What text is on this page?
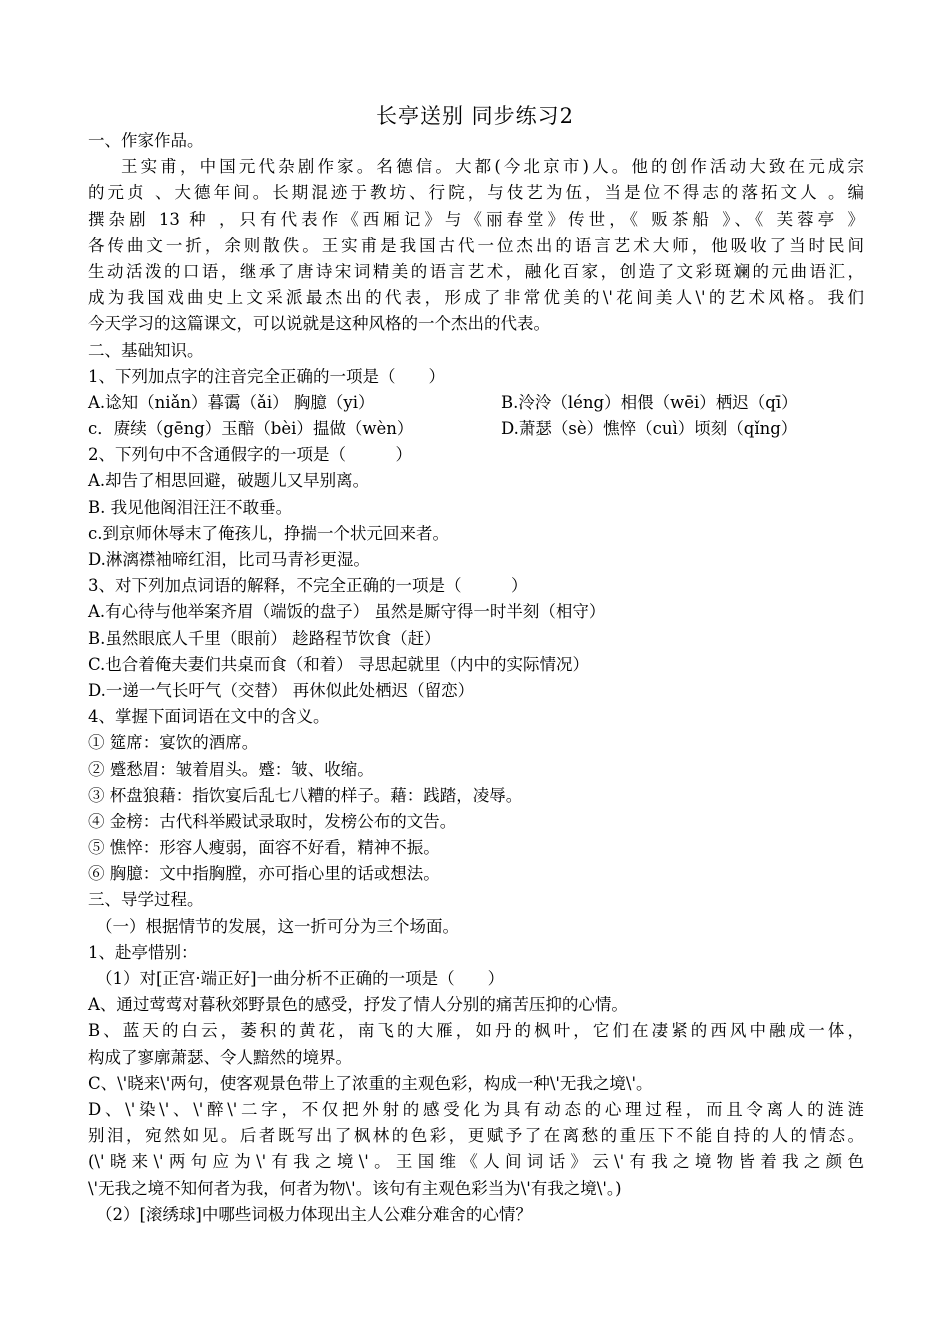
长亭送别 同步练习2
一、作家作品。
王实甫，中国元代杂剧作家。名德信。大都(今北京市)人。他的创作活动大致在元成宗
的元贞 、大德年间。长期混迹于教坊、行院，与伎艺为伍，当是位不得志的落拓文人 。编
撰杂剧 13 种 ，只有代表作《西厢记》与《丽春堂》传世，《 贩茶船 》、《 芙蓉亭 》
各传曲文一折，余则散佚。王实甫是我国古代一位杰出的语言艺术大师，他吸收了当时民间
生动活泼的口语，继承了唐诗宋词精美的语言艺术，融化百家，创造了文彩斑斓的元曲语汇，
成为我国戏曲史上文采派最杰出的代表，形成了非常优美的\'花间美人\'的艺术风格。我们
今天学习的这篇课文，可以说就是这种风格的一个杰出的代表。
二、基础知识。
1、下列加点字的注音完全正确的一项是（　　）
A.谂知（niǎn）暮霭（ǎi） 胸臆（yi）	B.泠泠（léng）相偎（wēi）栖迟（qī）
c．赓续（gēng）玉醅（bèi）揾做（wèn）	D.萧瑟（sè）憔悴（cuì）顷刻（qǐng）
2、下列句中不含通假字的一项是（　　　）
A.却告了相思回避，破题儿又早别离。
B. 我见他阁泪汪汪不敢垂。
c.到京师休辱末了俺孩儿，挣揣一个状元回来者。
D.淋漓襟袖啼红泪，比司马青衫更湿。
3、对下列加点词语的解释，不完全正确的一项是（　　　）
A.有心待与他举案齐眉（端饭的盘子） 虽然是厮守得一时半刻（相守）
B.虽然眼底人千里（眼前） 趁路程节饮食（赶）
C.也合着俺夫妻们共桌而食（和着） 寻思起就里（内中的实际情况）
D.一递一气长吁气（交替） 再休似此处栖迟（留恋）
4、掌握下面词语在文中的含义。
① 筵席：宴饮的酒席。
② 蹙愁眉：皱着眉头。蹙：皱、收缩。
③ 杯盘狼藉：指饮宴后乱七八糟的样子。藉：践踏，凌辱。
④ 金榜：古代科举殿试录取时，发榜公布的文告。
⑤ 憔悴：形容人瘦弱，面容不好看，精神不振。
⑥ 胸臆：文中指胸膛，亦可指心里的话或想法。
三、导学过程。
（一）根据情节的发展，这一折可分为三个场面。
1、赴亭惜别：
（1）对[正宫·端正好]一曲分析不正确的一项是（　　）
A、通过莺莺对暮秋郊野景色的感受，抒发了情人分别的痛苦压抑的心情。
B、蓝天的白云，萎积的黄花，南飞的大雁，如丹的枫叶，它们在凄紧的西风中融成一体，
构成了寥廓萧瑟、令人黯然的境界。
C、\'晓来\'两句，使客观景色带上了浓重的主观色彩，构成一种\'无我之境\'。
D、\'染\'、\'醉\'二字，不仅把外射的感受化为具有动态的心理过程，而且令离人的涟涟
别泪，宛然如见。后者既写出了枫林的色彩，更赋予了在离愁的重压下不能自持的人的情态。
(\'晓来\'两句应为\'有我之境\'。王国维《人间词话》云\'有我之境物皆着我之颜色
\'无我之境不知何者为我，何者为物\'。该句有主观色彩当为\'有我之境\'。)
（2）[滚绣球]中哪些词极力体现出主人公难分难舍的心情？
